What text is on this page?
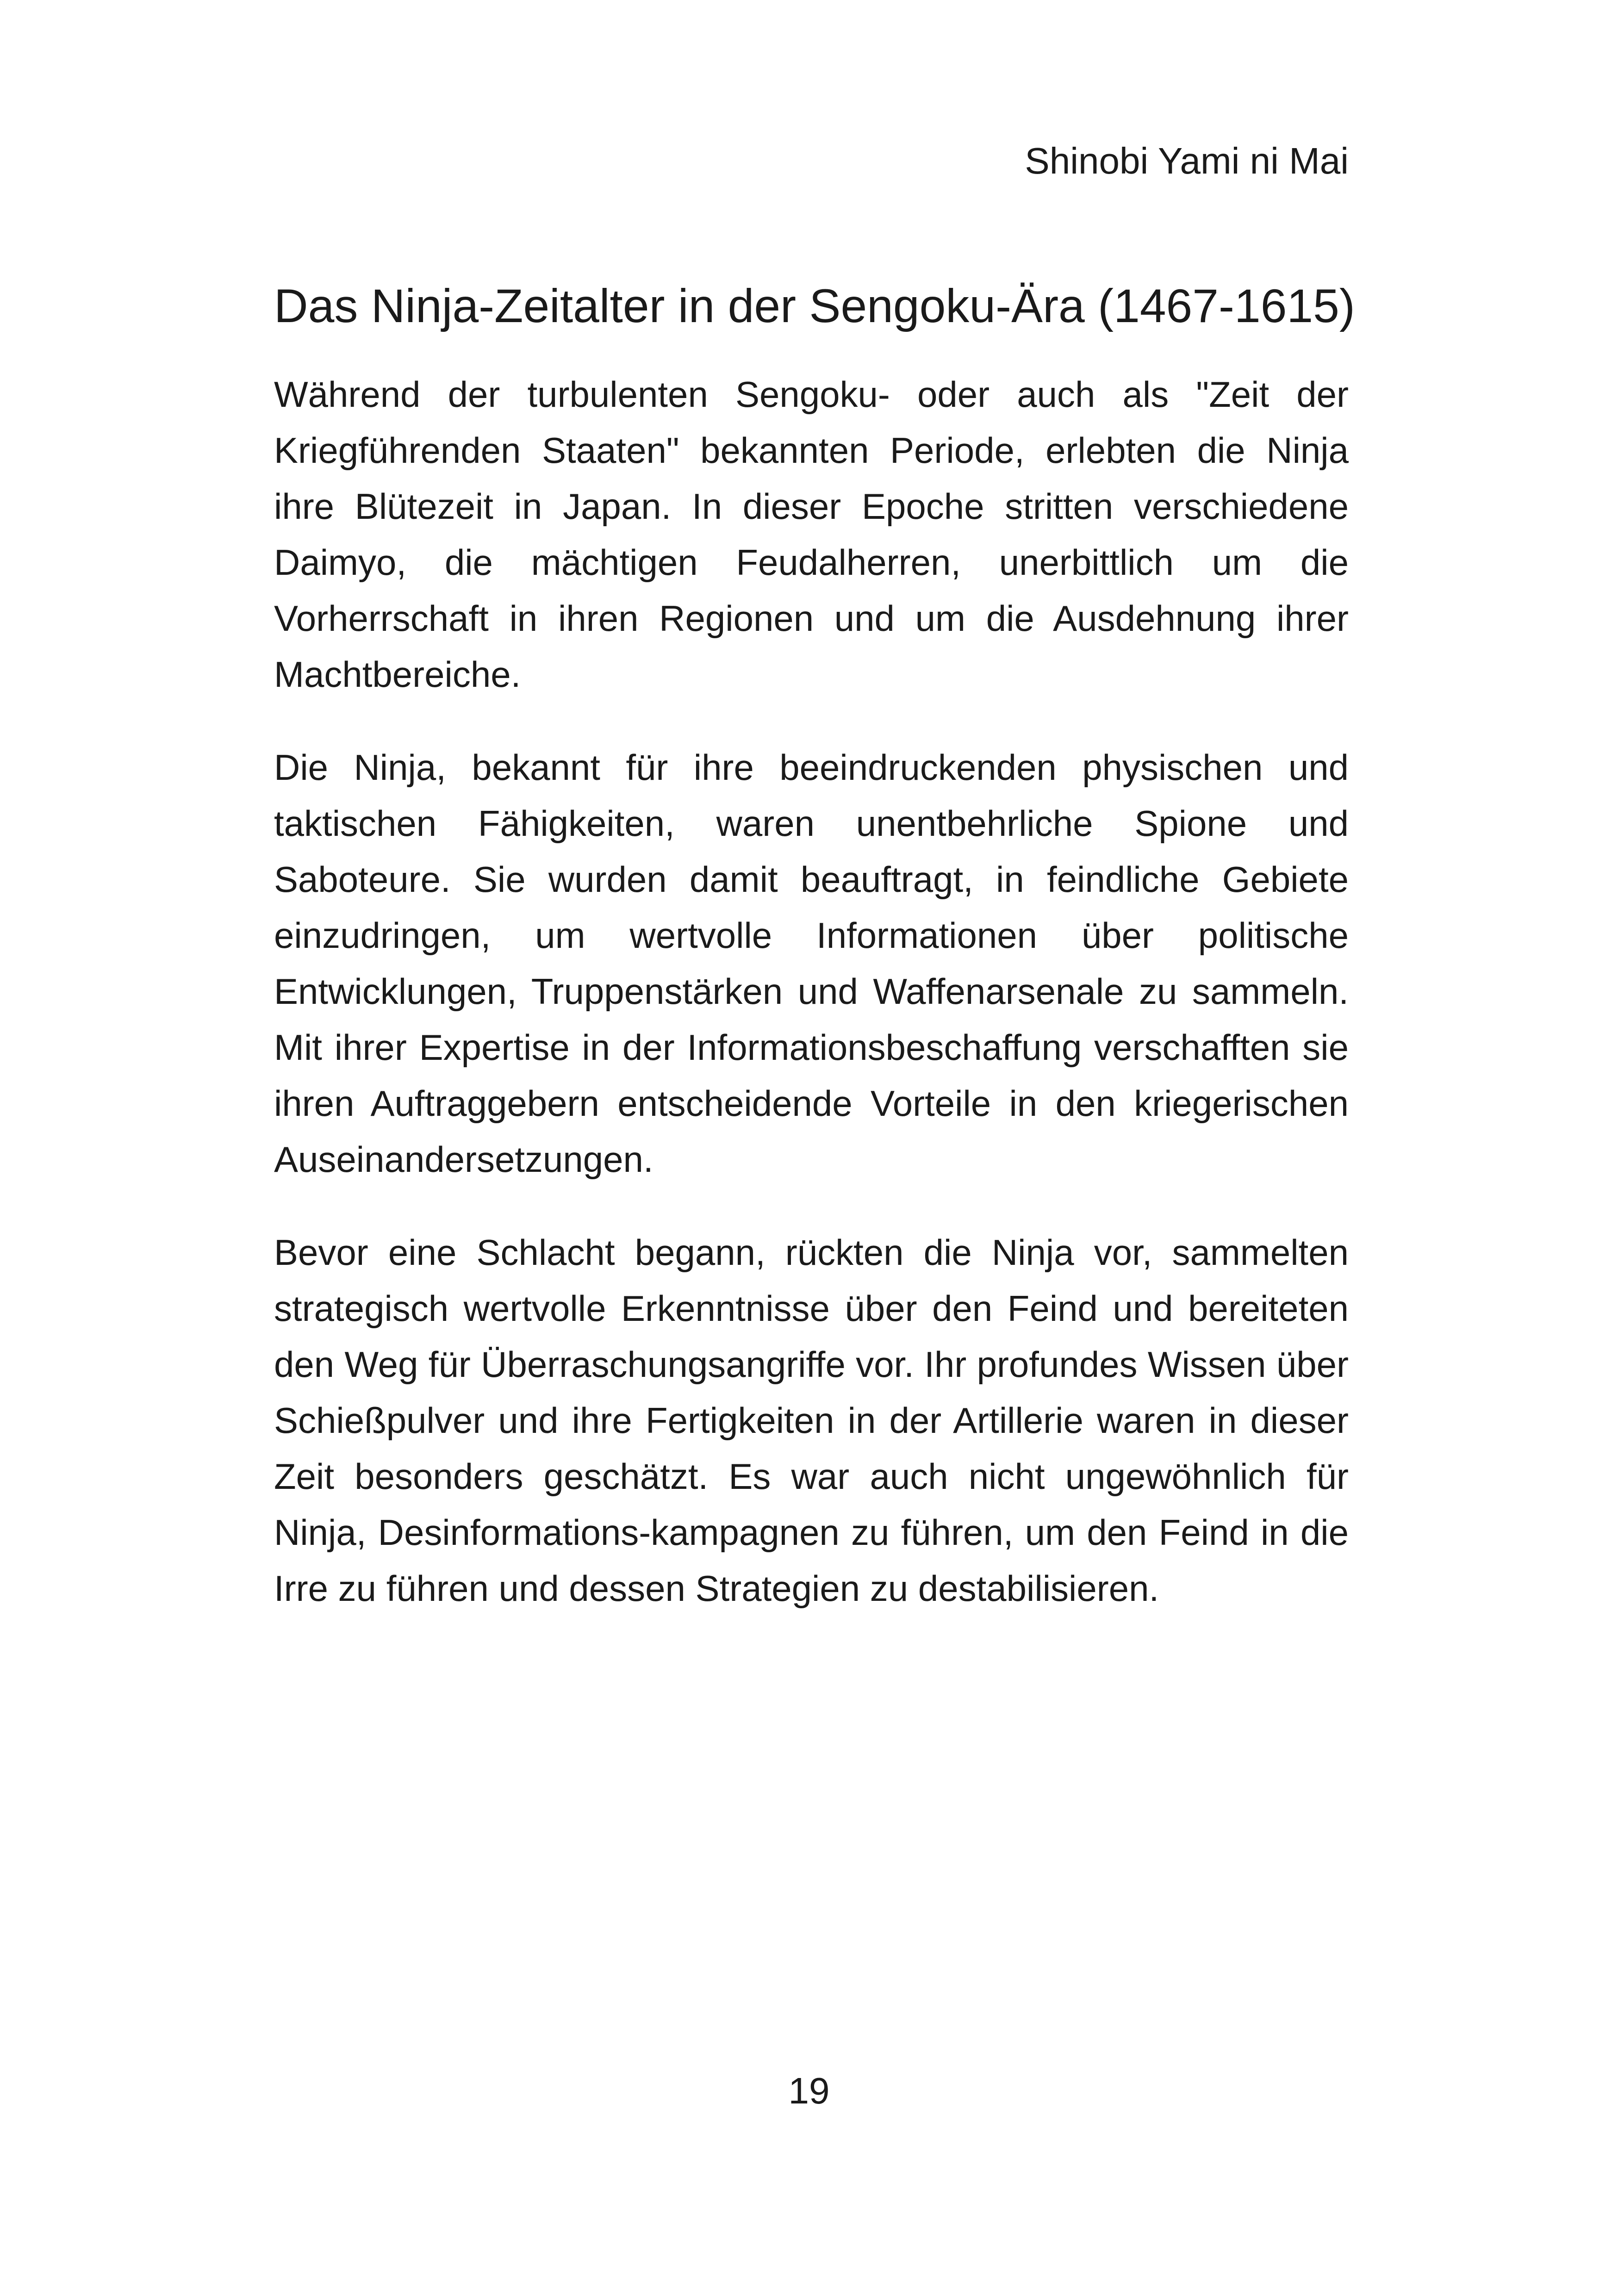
Shinobi Yami ni Mai
Das Ninja-Zeitalter in der Sengoku-Ära (1467-1615)

Während der turbulenten Sengoku- oder auch als "Zeit der Kriegführenden Staaten" bekannten Periode, erlebten die Ninja ihre Blütezeit in Japan. In dieser Epoche stritten verschiedene Daimyo, die mächtigen Feudalherren, unerbittlich um die Vorherrschaft in ihren Regionen und um die Ausdehnung ihrer Machtbereiche.

Die Ninja, bekannt für ihre beeindruckenden physischen und taktischen Fähigkeiten, waren unentbehrliche Spione und Saboteure. Sie wurden damit beauftragt, in feindliche Gebiete einzudringen, um wertvolle Informationen über politische Entwicklungen, Truppenstärken und Waffenarsenale zu sammeln. Mit ihrer Expertise in der Informationsbeschaffung verschafften sie ihren Auftraggebern entscheidende Vorteile in den kriegerischen Auseinandersetzungen.

Bevor eine Schlacht begann, rückten die Ninja vor, sammelten strategisch wertvolle Erkenntnisse über den Feind und bereiteten den Weg für Überraschungsangriffe vor. Ihr profundes Wissen über Schießpulver und ihre Fertigkeiten in der Artillerie waren in dieser Zeit besonders geschätzt. Es war auch nicht ungewöhnlich für Ninja, Desinformations-kampagnen zu führen, um den Feind in die Irre zu führen und dessen Strategien zu destabilisieren.

19
